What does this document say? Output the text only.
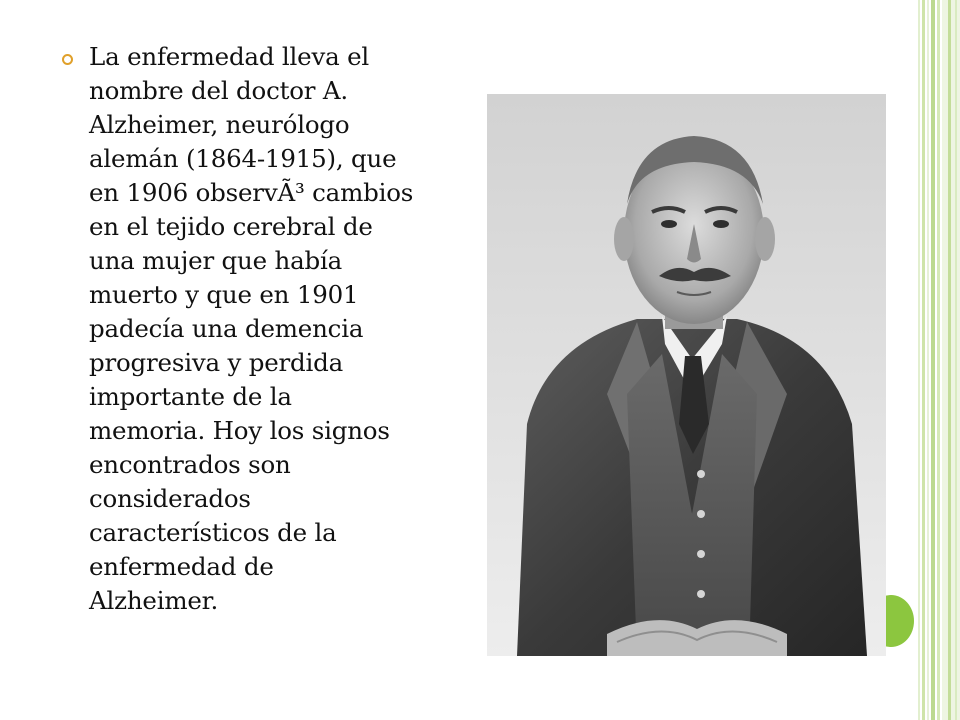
La enfermedad lleva el
nombre del doctor A.
Alzheimer, neurólogo
alemán (1864-1915), que
en 1906 observÃ³ cambios
en el tejido cerebral de
una mujer que había
muerto y que en 1901
padecía una demencia
progresiva y perdida
importante de la
memoria. Hoy los signos
encontrados son
considerados
característicos de la
enfermedad de
Alzheimer.
